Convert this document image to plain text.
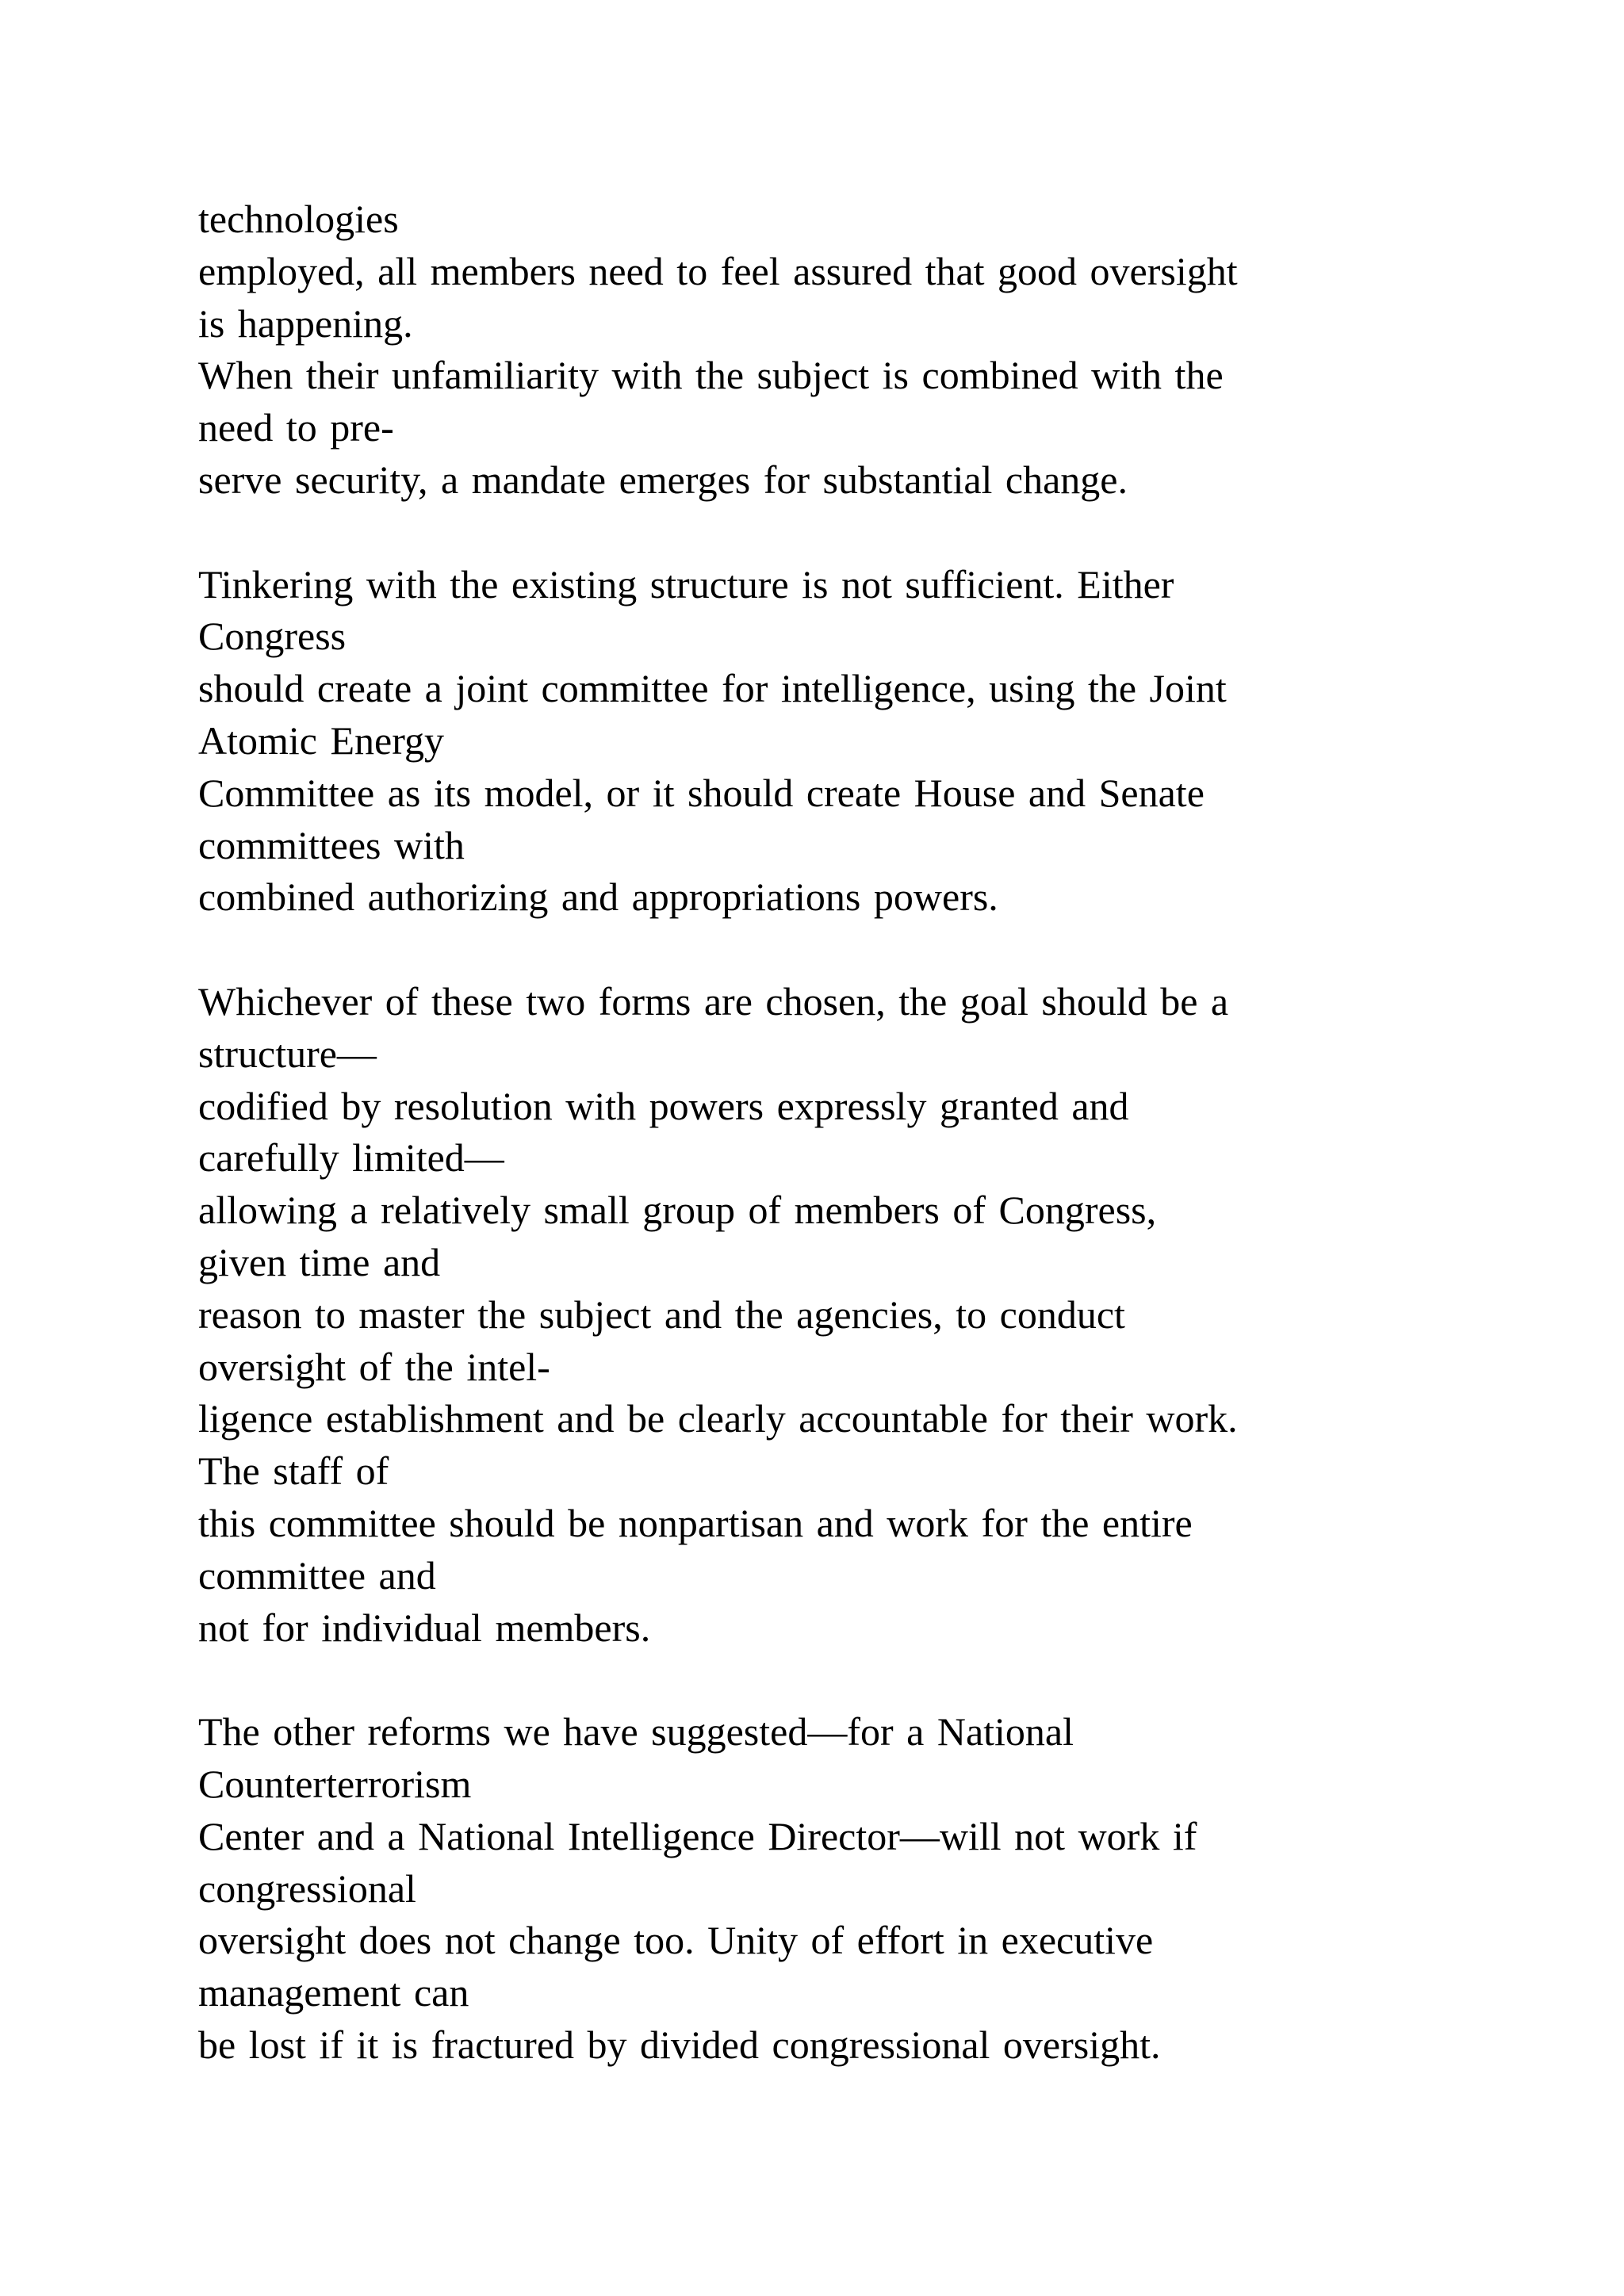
technologies
employed, all members need to feel assured that good oversight
is happening.
When their unfamiliarity with the subject is combined with the
need to pre-
serve security, a mandate emerges for substantial change.
Tinkering with the existing structure is not sufficient. Either
Congress
should create a joint committee for intelligence, using the Joint
Atomic Energy
Committee as its model, or it should create House and Senate
committees with
combined authorizing and appropriations powers.
Whichever of these two forms are chosen, the goal should be a
structure—
codified by resolution with powers expressly granted and
carefully limited—
allowing a relatively small group of members of Congress,
given time and
reason to master the subject and the agencies, to conduct
oversight of the intel-
ligence establishment and be clearly accountable for their work.
The staff of
this committee should be nonpartisan and work for the entire
committee and
not for individual members.
The other reforms we have suggested—for a National
Counterterrorism
Center and a National Intelligence Director—will not work if
congressional
oversight does not change too. Unity of effort in executive
management can
be lost if it is fractured by divided congressional oversight.
